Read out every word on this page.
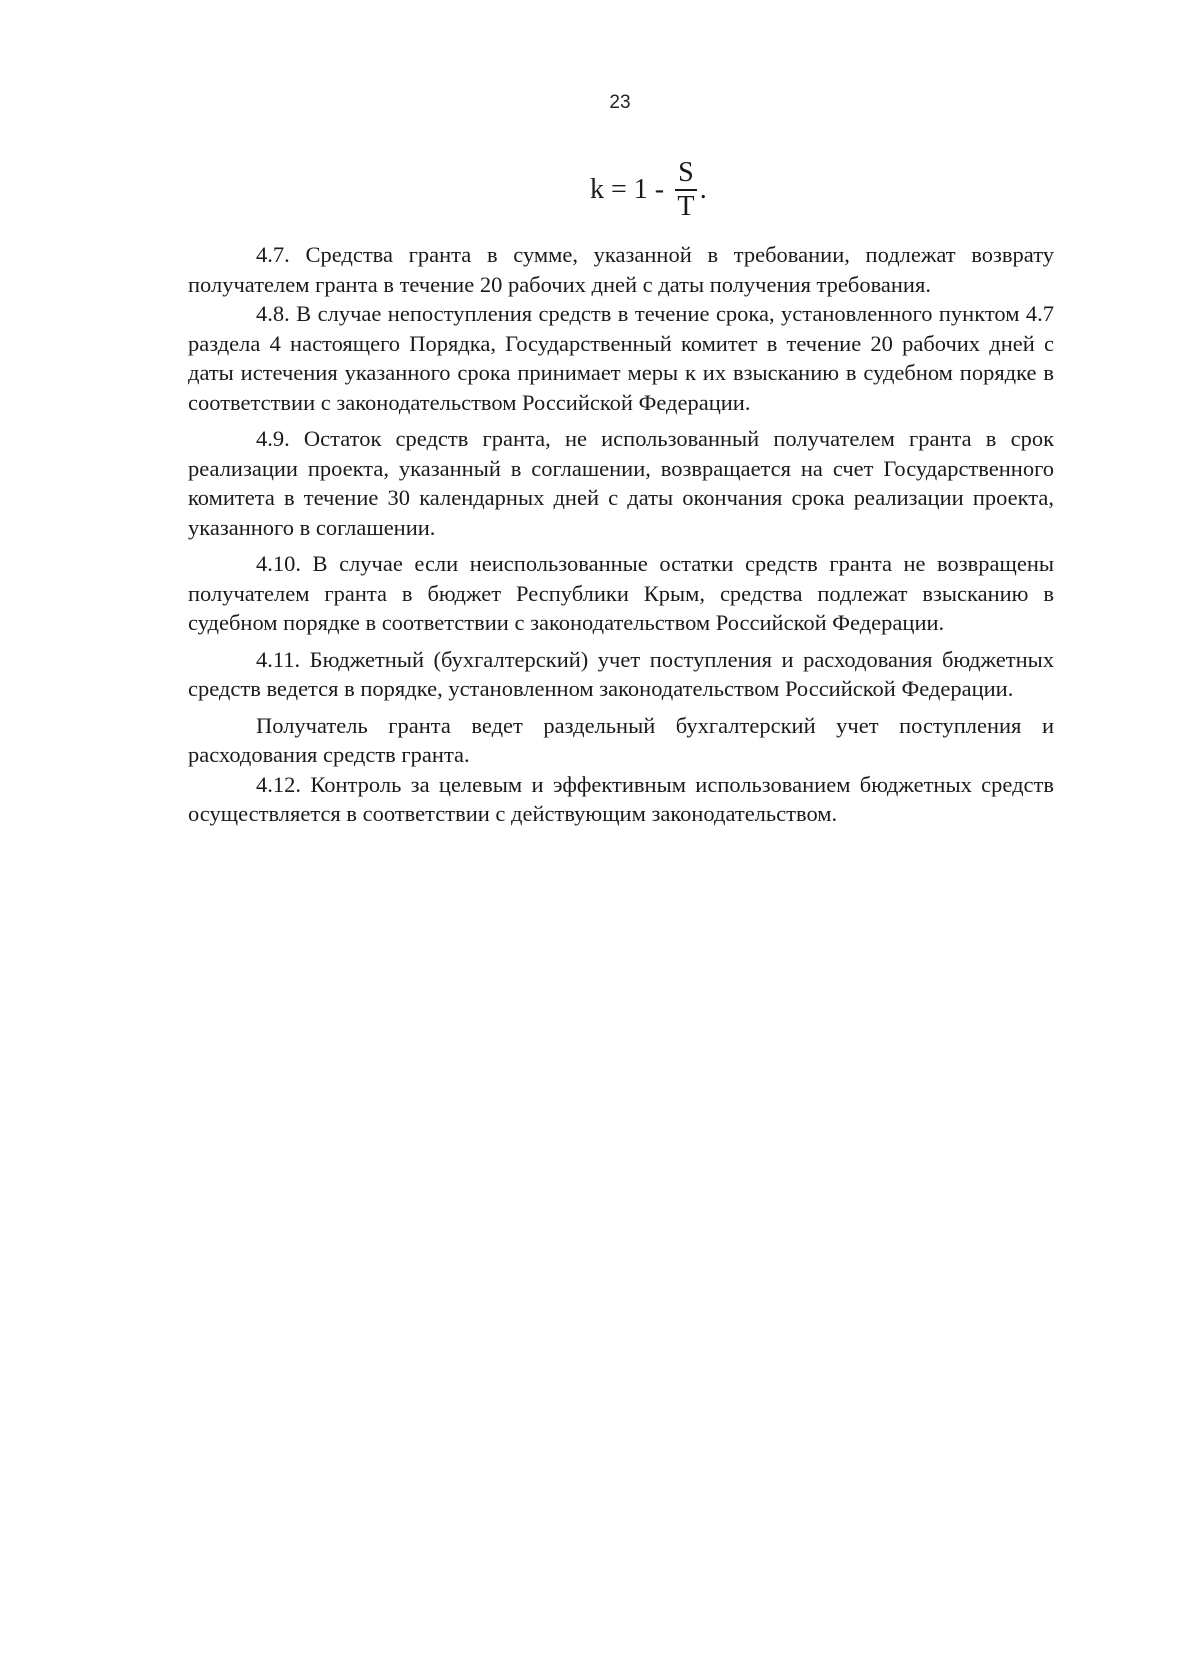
23
$k = 1 - \frac{S}{T}$ .

4.7. Средства гранта в сумме, указанной в требовании, подлежат возврату получателем гранта в течение 20 рабочих дней с даты получения требования.

4.8. В случае непоступления средств в течение срока, установленного пунктом 4.7 раздела 4 настоящего Порядка, Государственный комитет в течение 20 рабочих дней с даты истечения указанного срока принимает меры к их взысканию в судебном порядке в соответствии с законодательством Российской Федерации.

4.9. Остаток средств гранта, не использованный получателем гранта в срок реализации проекта, указанный в соглашении, возвращается на счет Государственного комитета в течение 30 календарных дней с даты окончания срока реализации проекта, указанного в соглашении.

4.10. В случае если неиспользованные остатки средств гранта не возвращены получателем гранта в бюджет Республики Крым, средства подлежат взысканию в судебном порядке в соответствии с законодательством Российской Федерации.

4.11. Бюджетный (бухгалтерский) учет поступления и расходования бюджетных средств ведется в порядке, установленном законодательством Российской Федерации.

Получатель гранта ведет раздельный бухгалтерский учет поступления и расходования средств гранта.

4.12. Контроль за целевым и эффективным использованием бюджетных средств осуществляется в соответствии с действующим законодательством.
